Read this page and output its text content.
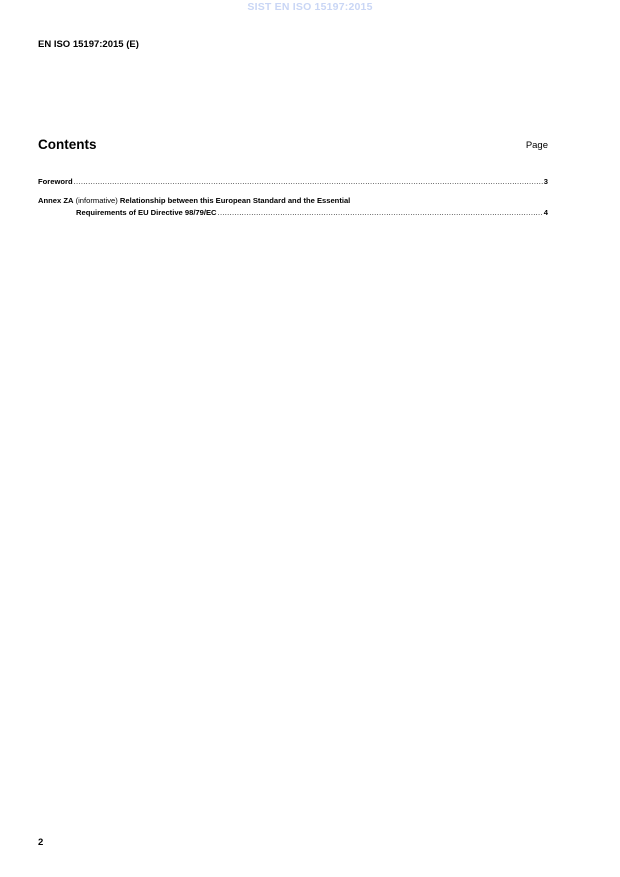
SIST EN ISO 15197:2015
EN ISO 15197:2015 (E)
Contents	Page
Foreword .....	3
Annex ZA (informative) Relationship between this European Standard and the Essential
Requirements of EU Directive 98/79/EC .....	4
2
